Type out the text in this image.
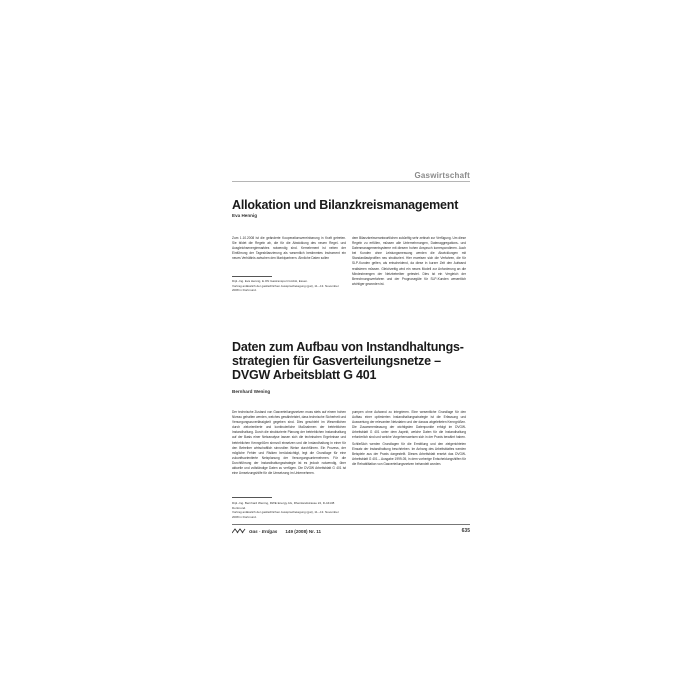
Gaswirtschaft
Allokation und Bilanzkreismanagement
Eva Hennig

Zum 1.10.2008 ist die geänderte Kooperationsvereinbarung in Kraft getreten. Sie bildet die Regeln ab, die für die Abwicklung des neuen Regel- und Ausgleichsenergiemarktes notwendig sind. Kernelement ist neben der Einführung der Tagesbilanzierung als wesentlich bestimmtes Instrument ein neues Verhältnis zwischen den Marktpartnern. Ähnliche Daten sollen

dem Bilanzkreisverantwortlichen zukünftig sehr zeitnah zur Verfügung. Um diese Regeln zu erfüllen, müssen alle Unternehmungen, Datenaggregations- und Datenmanagementsysteme mit diesem hohen Anspruch korrespondieren. Auch bei Kunden ohne Leistungsmessung werden die Abwicklungen mit Standardlastprofilen neu strukturiert. Hier erweisen sich die Verfahren, die für SLP-Kunden gelten, als entscheidend, da diese in kurzer Zeit den Aufwand realisieren müssen. Gleichzeitig wird ein neues Modell zur Anforderung an die Mindestmengen der Netzbetreiber getestet. Dies ist ein Vergleich der Berechnungsverfahren und der Prognosegüte für SLP-Kunden wesentlich wichtiger geworden ist.

Dipl.-Ing. Eva Hennig, E.ON Gastransport GmbH, Essen.

Vortrag anlässlich der gasfachlichen Aussprachetagung (gat), 11.–13. November 2008 in Dortmund.

Daten zum Aufbau von Instandhaltungsstrategien für Gasverteilungsnetze – DVGW Arbeitsblatt G 401
Bernhard Wening

Der technische Zustand von Gasverteilungsnetzen muss stets auf einem hohen Niveau gehalten werden, welches gewährleistet, dass technische Sicherheit und Versorgungszuverlässigkeit gegeben sind. Dies geschieht im Wesentlichen durch zielorientierte und kontinuierliche Maßnahmen der betrieblichen Instandhaltung. Durch die strukturierte Planung der betrieblichen Instandhaltung auf der Basis einer Netzanalyse lassen sich die technischen Ergebnisse und betrieblichen Kenngrößen sinnvoll einsetzen und die Instandhaltung in einer für den Betreiber wirtschaftlich sinnvollen Weise durchführen. Ein Prozess, der mögliche Fehler und Risiken berücksichtigt, legt die Grundlage für eine zukunftsorientierte Netzplanung der Versorgungsunternehmen. Für die Durchführung der Instandhaltungsstrategie ist es jedoch notwendig, über aktuelle und vollständige Daten zu verfügen. Die DVGW Arbeitsblatt G 401 ist eine Umsetzungshilfe für die Umsetzung im Unternehmen.

pumpen ohne Aufwand zu integrieren. Eine wesentliche Grundlage für den Aufbau einer optimierten Instandhaltungsstrategie ist die Erfassung und Auswertung der relevanten Netzdaten und der daraus abgeleiteten Kenngrößen. Die Zusammenfassung der wichtigsten Datenpunkte erfolgt im DVGW-Arbeitsblatt G 401 unter dem Aspekt, welche Daten für die Instandhaltung erforderlich sind und welche Vorgehensweisen sich in der Praxis bewährt haben.

Schließlich werden Grundlagen für die Ermittlung und den zielgerichteten Einsatz der Instandhaltung beschrieben. Im Anhang des Arbeitsblattes werden Beispiele aus der Praxis dargestellt. Dieses Arbeitsblatt ersetzt das DVGW-Arbeitsblatt G 401 – Ausgabe 1999-05, in dem vorherige Entscheidungshilfen für die Rehabilitation von Gasverteilungsnetzen behandelt wurden.

Dipl.-Ing. Bernhard Wening, RWE Energy AG, Rheinlandstrasse 24, D-44138 Dortmund.

Vortrag anlässlich der gasfachlichen Aussprachetagung (gat), 11.–13. November 2008 in Dortmund.

Gas · Erdgas 149 (2008) Nr. 11	635
